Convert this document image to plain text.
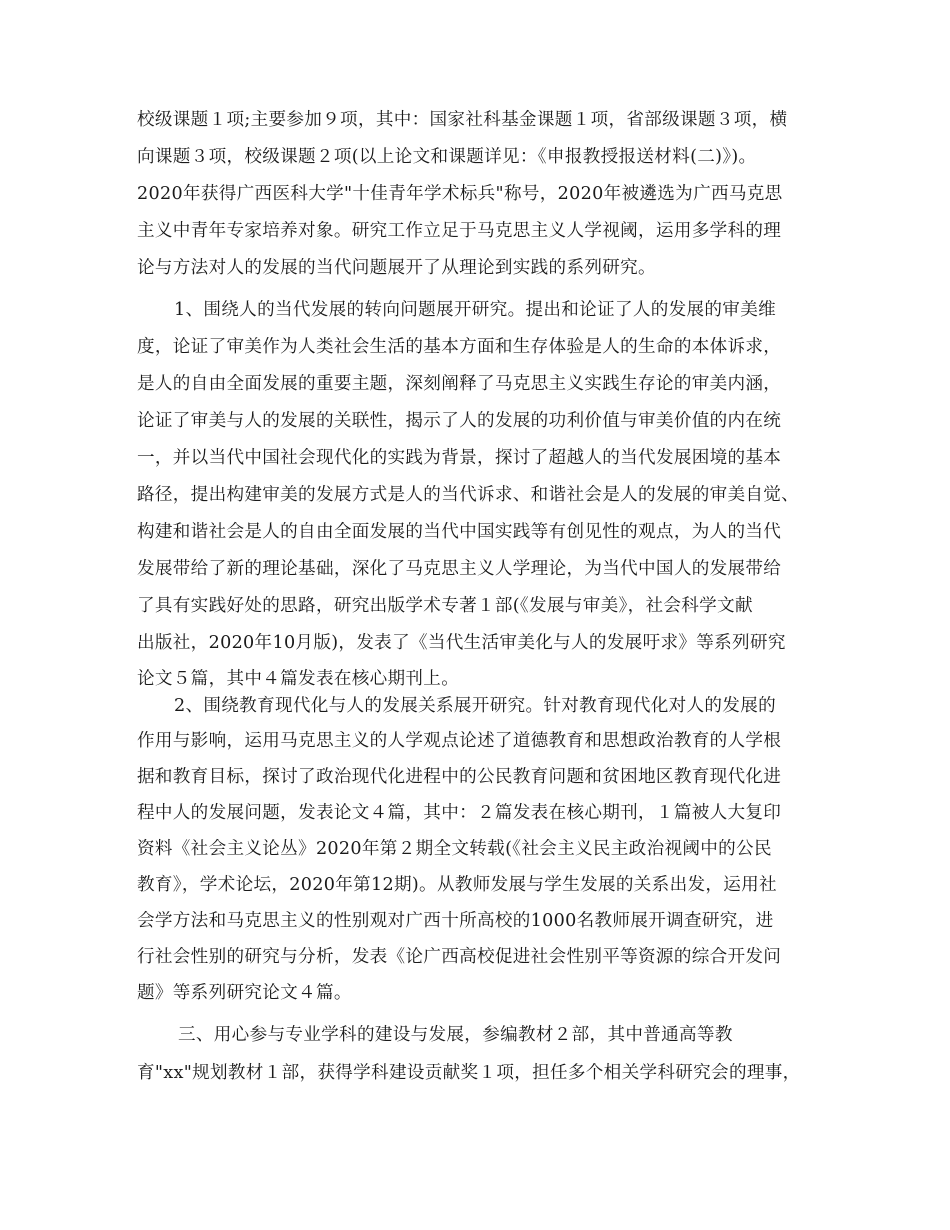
校级课题１项;主要参加９项，其中：国家社科基金课题１项，省部级课题３项，横
向课题３项，校级课题２项(以上论文和课题详见：《申报教授报送材料(二)》)。
2020年获得广西医科大学"十佳青年学术标兵"称号，2020年被遴选为广西马克思
主义中青年专家培养对象。研究工作立足于马克思主义人学视阈，运用多学科的理
论与方法对人的发展的当代问题展开了从理论到实践的系列研究。
1、围绕人的当代发展的转向问题展开研究。提出和论证了人的发展的审美维
度，论证了审美作为人类社会生活的基本方面和生存体验是人的生命的本体诉求，
是人的自由全面发展的重要主题，深刻阐释了马克思主义实践生存论的审美内涵，
论证了审美与人的发展的关联性，揭示了人的发展的功利价值与审美价值的内在统
一，并以当代中国社会现代化的实践为背景，探讨了超越人的当代发展困境的基本
路径，提出构建审美的发展方式是人的当代诉求、和谐社会是人的发展的审美自觉、
构建和谐社会是人的自由全面发展的当代中国实践等有创见性的观点，为人的当代
发展带给了新的理论基础，深化了马克思主义人学理论，为当代中国人的发展带给
了具有实践好处的思路，研究出版学术专著１部(《发展与审美》，社会科学文献
出版社，2020年10月版)，发表了《当代生活审美化与人的发展吁求》等系列研究
论文５篇，其中４篇发表在核心期刊上。
2、围绕教育现代化与人的发展关系展开研究。针对教育现代化对人的发展的
作用与影响，运用马克思主义的人学观点论述了道德教育和思想政治教育的人学根
据和教育目标，探讨了政治现代化进程中的公民教育问题和贫困地区教育现代化进
程中人的发展问题，发表论文４篇，其中：２篇发表在核心期刊，１篇被人大复印
资料《社会主义论丛》2020年第２期全文转载(《社会主义民主政治视阈中的公民
教育》，学术论坛，2020年第12期)。从教师发展与学生发展的关系出发，运用社
会学方法和马克思主义的性别观对广西十所高校的1000名教师展开调查研究，进
行社会性别的研究与分析，发表《论广西高校促进社会性别平等资源的综合开发问
题》等系列研究论文４篇。
三、用心参与专业学科的建设与发展，参编教材２部，其中普通高等教
育"xx"规划教材１部，获得学科建设贡献奖１项，担任多个相关学科研究会的理事，
